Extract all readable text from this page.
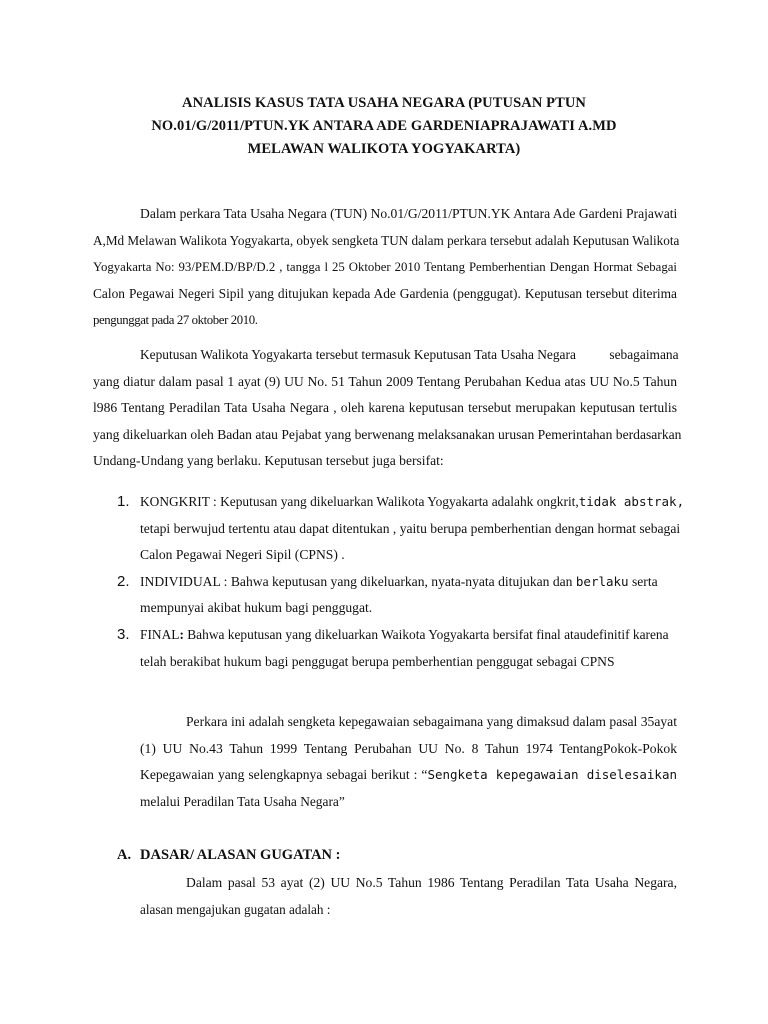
ANALISIS KASUS TATA USAHA NEGARA (PUTUSAN PTUN
NO.01/G/2011/PTUN.YK ANTARA ADE GARDENIAPRAJAWATI A.MD
MELAWAN WALIKOTA YOGYAKARTA)
Dalam perkara Tata Usaha Negara (TUN) No.01/G/2011/PTUN.YK Antara Ade Gardeni Prajawati
A,Md Melawan Walikota Yogyakarta, obyek sengketa TUN dalam perkara tersebut adalah Keputusan Walikota
Yogyakarta No: 93/PEM.D/BP/D.2 , tangga l 25 Oktober 2010 Tentang Pemberhentian Dengan Hormat Sebagai
Calon Pegawai Negeri Sipil yang ditujukan kepada Ade Gardenia (penggugat). Keputusan tersebut diterima
pengunggat pada 27 oktober 2010.
Keputusan Walikota Yogyakarta tersebut termasuk Keputusan Tata Usaha Negara          sebagaimana
yang diatur dalam pasal 1 ayat (9) UU No. 51 Tahun 2009 Tentang Perubahan Kedua atas UU No.5 Tahun
l986 Tentang Peradilan Tata Usaha Negara , oleh karena keputusan tersebut merupakan keputusan tertulis
yang dikeluarkan oleh Badan atau Pejabat yang berwenang melaksanakan urusan Pemerintahan berdasarkan
Undang-Undang yang berlaku. Keputusan tersebut juga bersifat:
1. KONGKRIT : Keputusan yang dikeluarkan Walikota Yogyakarta adalahk ongkrit,tidak abstrak,
tetapi berwujud tertentu atau dapat ditentukan , yaitu berupa pemberhentian dengan hormat sebagai
Calon Pegawai Negeri Sipil (CPNS) .
2. INDIVIDUAL : Bahwa keputusan yang dikeluarkan, nyata-nyata ditujukan dan berlaku serta
mempunyai akibat hukum bagi penggugat.
3. FINAL: Bahwa keputusan yang dikeluarkan Waikota Yogyakarta bersifat final ataudefinitif karena
telah berakibat hukum bagi penggugat berupa pemberhentian penggugat sebagai CPNS
Perkara ini adalah sengketa kepegawaian sebagaimana yang dimaksud dalam pasal 35ayat
(1) UU No.43 Tahun 1999 Tentang Perubahan UU No. 8 Tahun 1974 TentangPokok-Pokok
Kepegawaian yang selengkapnya sebagai berikut : “Sengketa kepegawaian diselesaikan
melalui Peradilan Tata Usaha Negara”
A. DASAR/ ALASAN GUGATAN :
Dalam pasal 53 ayat (2) UU No.5 Tahun 1986 Tentang Peradilan Tata Usaha Negara,
alasan mengajukan gugatan adalah :
